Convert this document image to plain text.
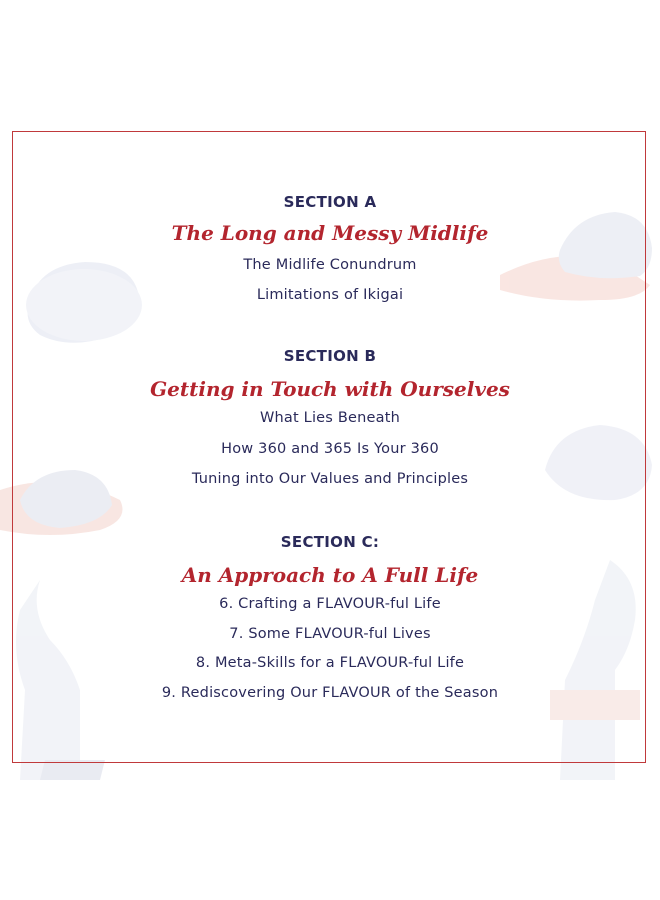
SECTION A
The Long and Messy Midlife
The Midlife Conundrum
Limitations of Ikigai
SECTION B
Getting in Touch with Ourselves
What Lies Beneath
How 360 and 365 Is Your 360
Tuning into Our Values and Principles
SECTION C:
An Approach to A Full Life
6. Crafting a FLAVOUR-ful Life
7. Some FLAVOUR-ful Lives
8. Meta-Skills for a FLAVOUR-ful Life
9. Rediscovering Our FLAVOUR of the Season
